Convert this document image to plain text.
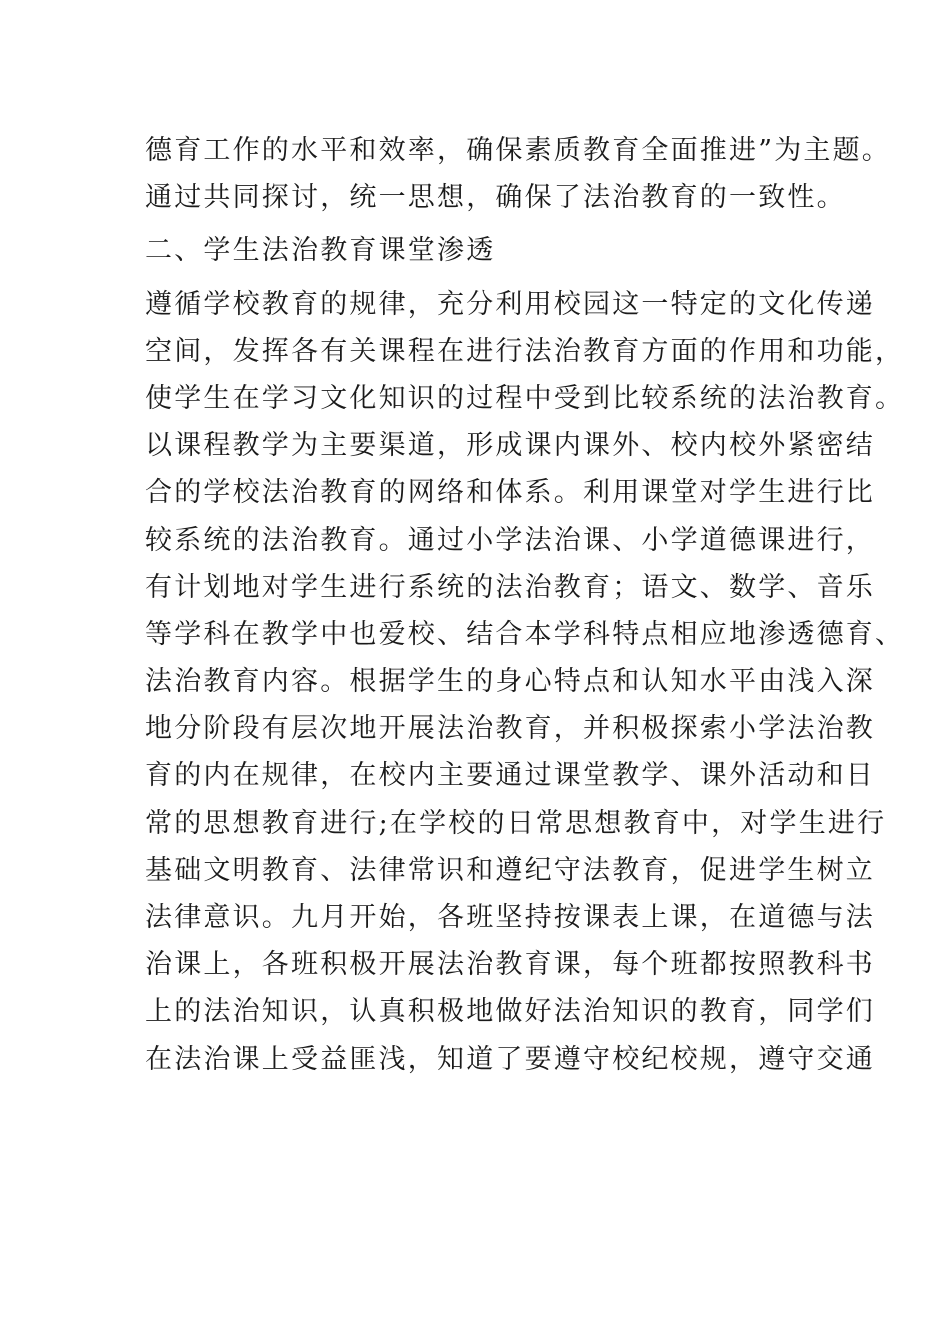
德育工作的水平和效率，确保素质教育全面推进”为主题。
通过共同探讨，统一思想，确保了法治教育的一致性。
二、学生法治教育课堂渗透
遵循学校教育的规律，充分利用校园这一特定的文化传递
空间，发挥各有关课程在进行法治教育方面的作用和功能，
使学生在学习文化知识的过程中受到比较系统的法治教育。
以课程教学为主要渠道，形成课内课外、校内校外紧密结
合的学校法治教育的网络和体系。利用课堂对学生进行比
较系统的法治教育。通过小学法治课、小学道德课进行，
有计划地对学生进行系统的法治教育；语文、数学、音乐
等学科在教学中也爱校、结合本学科特点相应地渗透德育、
法治教育内容。根据学生的身心特点和认知水平由浅入深
地分阶段有层次地开展法治教育，并积极探索小学法治教
育的内在规律，在校内主要通过课堂教学、课外活动和日
常的思想教育进行;在学校的日常思想教育中，对学生进行
基础文明教育、法律常识和遵纪守法教育，促进学生树立
法律意识。九月开始，各班坚持按课表上课，在道德与法
治课上，各班积极开展法治教育课，每个班都按照教科书
上的法治知识，认真积极地做好法治知识的教育，同学们
在法治课上受益匪浅，知道了要遵守校纪校规，遵守交通
